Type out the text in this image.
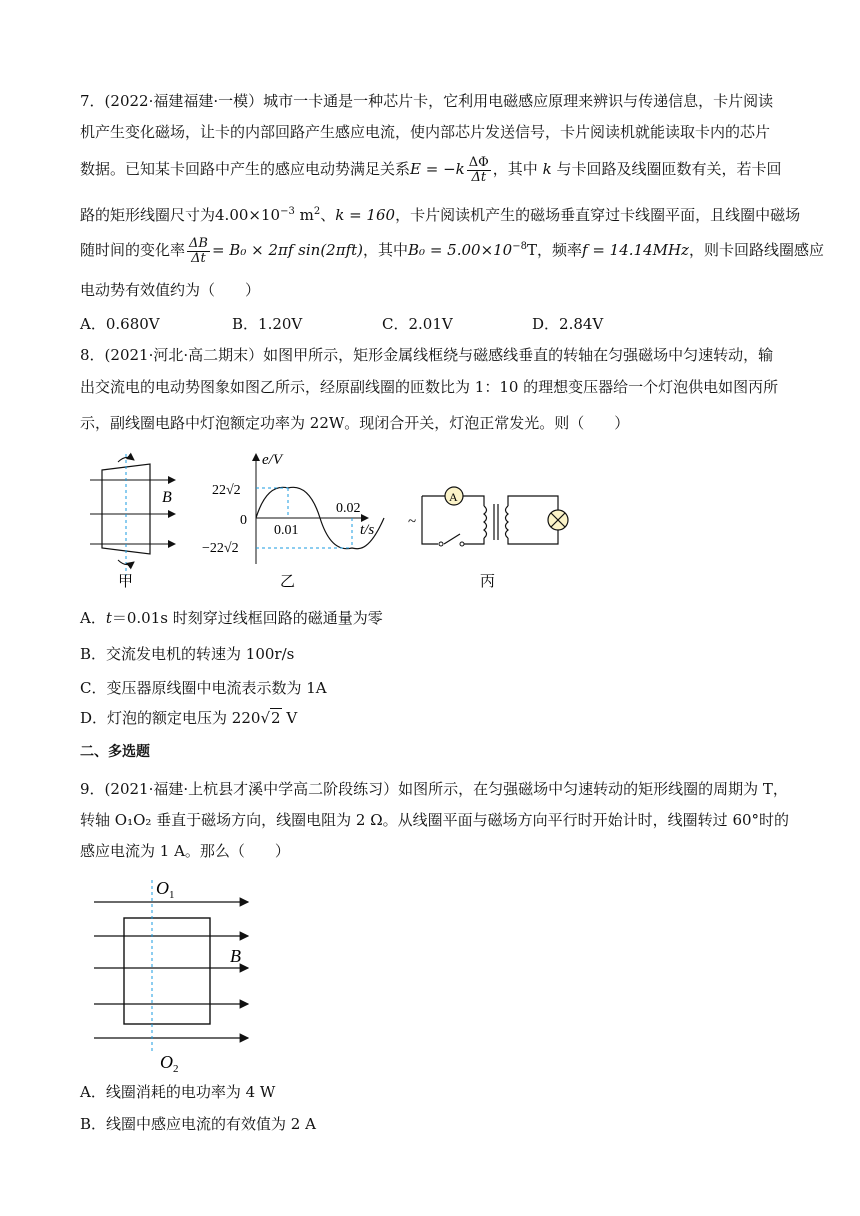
7．(2022·福建福建·一模）城市一卡通是一种芯片卡，它利用电磁感应原理来辨识与传递信息，卡片阅读
机产生变化磁场，让卡的内部回路产生感应电流，使内部芯片发送信号，卡片阅读机就能读取卡内的芯片
数据。已知某卡回路中产生的感应电动势满足关系$E = -k \frac{\Delta\Phi}{\Delta t}$ ，其中 k 与卡回路及线圈匝数有关，若卡回
路的矩形线圈尺寸为$4.00\times 10^{-3}$ $m^2$、k = 160，卡片阅读机产生的磁场垂直穿过卡线圈平面，且线圈中磁场
随时间的变化率 $\frac{\Delta B}{\Delta t} = B_0 \times 2\pi f$ sin(2πft)，其中$B_0 = 5.00\times 10^{-8}T$，频率f = 14.14MHz，则卡回路线圈感应
电动势有效值约为（　　）
A．0.680V	B．1.20V	C．2.01V	D．2.84V
8．(2021·河北·高二期末）如图甲所示，矩形金属线框绕与磁感线垂直的转轴在匀强磁场中匀速转动，输
出交流电的电动势图象如图乙所示，经原副线圈的匝数比为 1：10 的理想变压器给一个灯泡供电如图丙所
示，副线圈电路中灯泡额定功率为 22W。现闭合开关，灯泡正常发光。则（　　）
B
甲
e/V
t/s
22√2
0
−22√2
0.01
0.02
乙
A
~
丙
A．t＝0.01s 时刻穿过线框回路的磁通量为零
B．交流发电机的转速为 100r/s
C．变压器原线圈中电流表示数为 1A
D．灯泡的额定电压为 220√2 V
二、多选题
9．(2021·福建·上杭县才溪中学高二阶段练习）如图所示，在匀强磁场中匀速转动的矩形线圈的周期为 T，
转轴 O₁O₂ 垂直于磁场方向，线圈电阻为 2 Ω。从线圈平面与磁场方向平行时开始计时，线圈转过 60°时的
感应电流为 1 A。那么（　　）
$O_1$
$O_2$
B
A．线圈消耗的电功率为 4 W
B．线圈中感应电流的有效值为 2 A
